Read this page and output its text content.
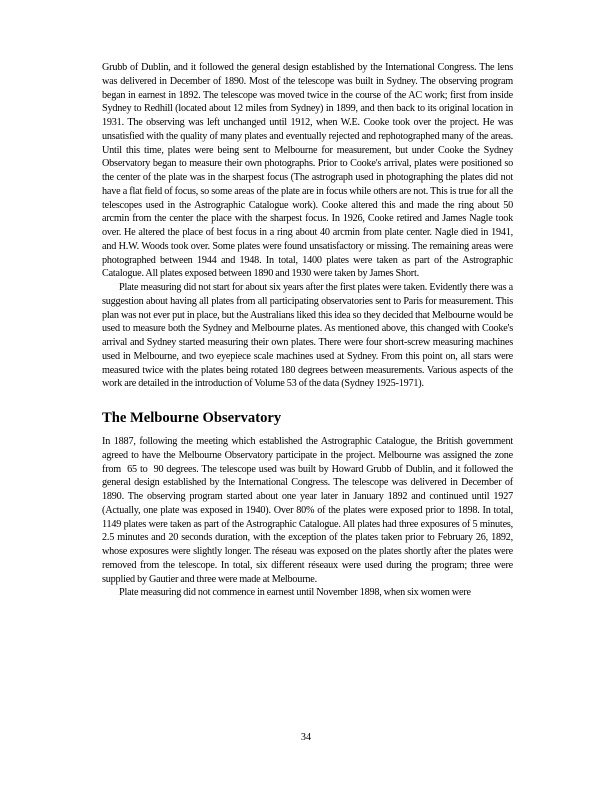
Grubb of Dublin, and it followed the general design established by the International Congress. The lens was delivered in December of 1890. Most of the telescope was built in Sydney. The observing program began in earnest in 1892. The telescope was moved twice in the course of the AC work; first from inside Sydney to Redhill (located about 12 miles from Sydney) in 1899, and then back to its original location in 1931. The observing was left unchanged until 1912, when W.E. Cooke took over the project. He was unsatisfied with the quality of many plates and eventually rejected and rephotographed many of the areas. Until this time, plates were being sent to Melbourne for measurement, but under Cooke the Sydney Observatory began to measure their own photographs. Prior to Cooke's arrival, plates were positioned so the center of the plate was in the sharpest focus (The astrograph used in photographing the plates did not have a flat field of focus, so some areas of the plate are in focus while others are not. This is true for all the telescopes used in the Astrographic Catalogue work). Cooke altered this and made the ring about 50 arcmin from the center the place with the sharpest focus. In 1926, Cooke retired and James Nagle took over. He altered the place of best focus in a ring about 40 arcmin from plate center. Nagle died in 1941, and H.W. Woods took over. Some plates were found unsatisfactory or missing. The remaining areas were photographed between 1944 and 1948. In total, 1400 plates were taken as part of the Astrographic Catalogue. All plates exposed between 1890 and 1930 were taken by James Short.

Plate measuring did not start for about six years after the first plates were taken. Evidently there was a suggestion about having all plates from all participating observatories sent to Paris for measurement. This plan was not ever put in place, but the Australians liked this idea so they decided that Melbourne would be used to measure both the Sydney and Melbourne plates. As mentioned above, this changed with Cooke's arrival and Sydney started measuring their own plates. There were four short-screw measuring machines used in Melbourne, and two eyepiece scale machines used at Sydney. From this point on, all stars were measured twice with the plates being rotated 180 degrees between measurements. Various aspects of the work are detailed in the introduction of Volume 53 of the data (Sydney 1925-1971).

The Melbourne Observatory

In 1887, following the meeting which established the Astrographic Catalogue, the British government agreed to have the Melbourne Observatory participate in the project. Melbourne was assigned the zone from  65 to  90 degrees. The telescope used was built by Howard Grubb of Dublin, and it followed the general design established by the International Congress. The telescope was delivered in December of 1890. The observing program started about one year later in January 1892 and continued until 1927 (Actually, one plate was exposed in 1940). Over 80% of the plates were exposed prior to 1898. In total, 1149 plates were taken as part of the Astrographic Catalogue. All plates had three exposures of 5 minutes, 2.5 minutes and 20 seconds duration, with the exception of the plates taken prior to February 26, 1892, whose exposures were slightly longer. The réseau was exposed on the plates shortly after the plates were removed from the telescope. In total, six different réseaux were used during the program; three were supplied by Gautier and three were made at Melbourne.

Plate measuring did not commence in earnest until November 1898, when six women were

34
